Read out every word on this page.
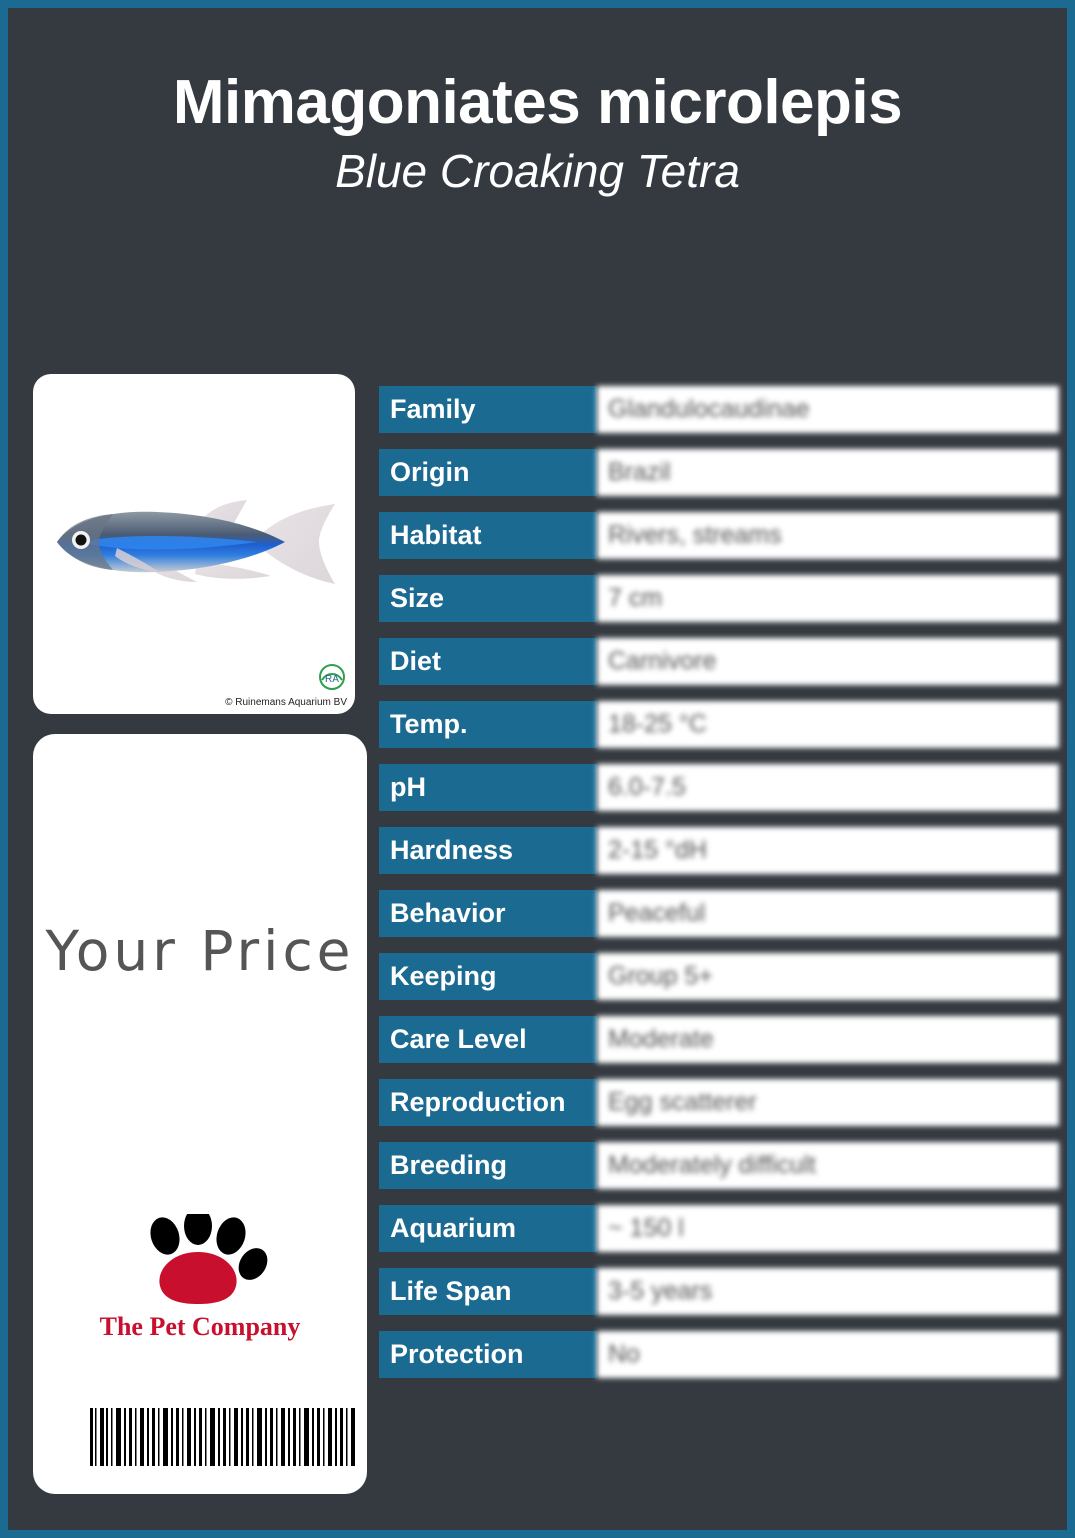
Mimagoniates microlepis
Blue Croaking Tetra
RA
© Ruinemans Aquarium BV
Your Price
The Pet Company
Family	Glandulocaudinae
Origin	Brazil
Habitat	Rivers, streams
Size	7 cm
Diet	Carnivore
Temp.	18-25 °C
pH	6.0-7.5
Hardness	2-15 °dH
Behavior	Peaceful
Keeping	Group 5+
Care Level	Moderate
Reproduction	Egg scatterer
Breeding	Moderately difficult
Aquarium	~ 150 l
Life Span	3-5 years
Protection	No
